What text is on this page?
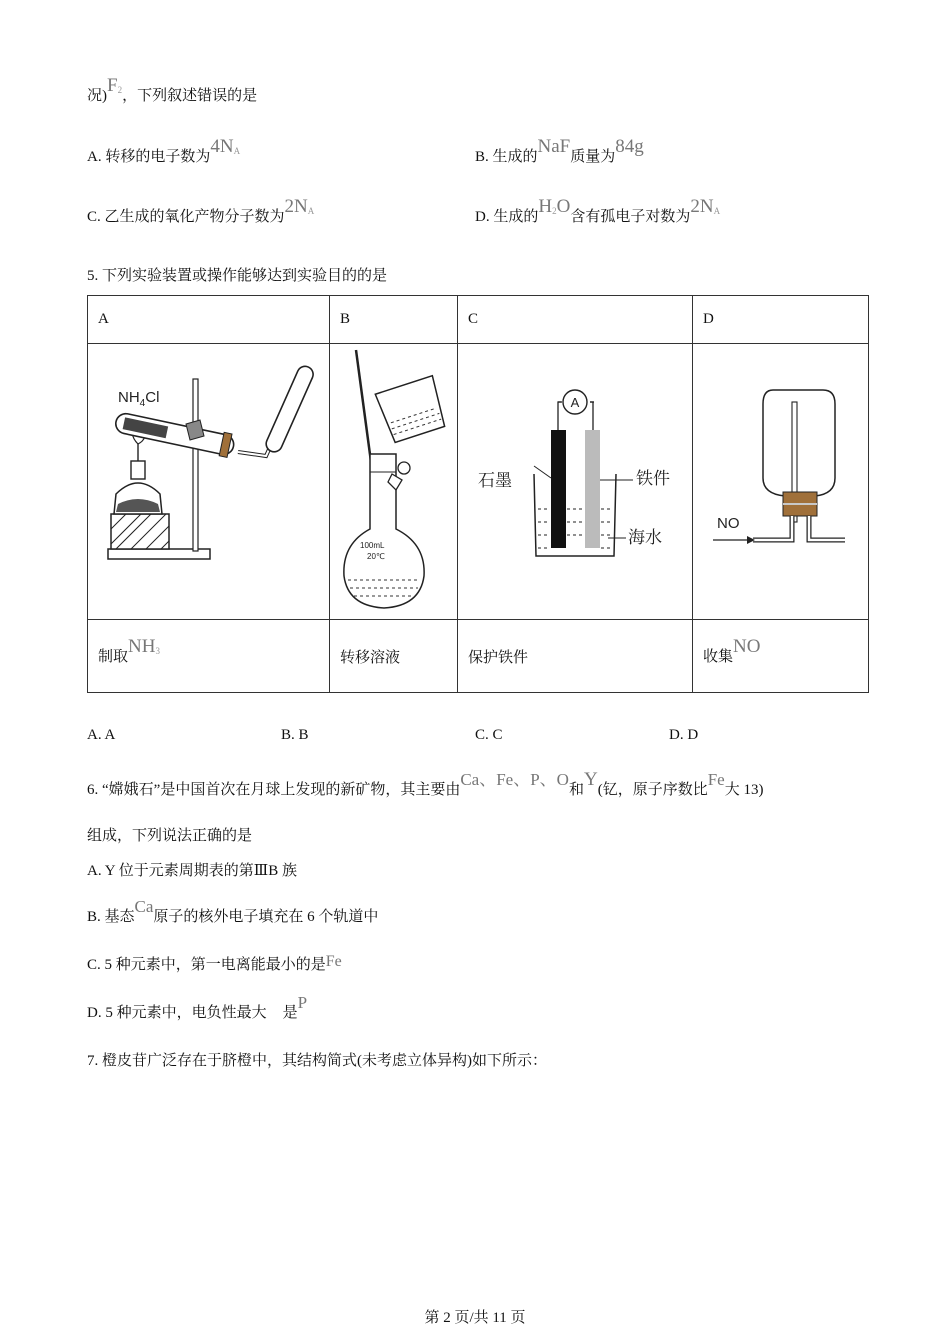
况)$F_2$，下列叙述错误的是
A. 转移的电子数为$4N_A$	B. 生成的NaF质量为84g
C. 乙生成的氧化产物分子数为$2N_A$	D. 生成的$H_2O$含有孤电子对数为$2N_A$
5. 下列实验装置或操作能够达到实验目的的是
A	B	C	D

$NH_4Cl$	100mL
20℃	A
石墨 铁件
海水	NO

制取$NH_3$	转移溶液	保护铁件	收集NO
A. A	B. B	C. C	D. D
6. “嫦娥石”是中国首次在月球上发现的新矿物，其主要由Ca、Fe、P、O和Y(钇，原子序数比Fe大 13)
组成，下列说法正确的是
A. Y 位于元素周期表的第ⅢB 族
B. 基态Ca原子的核外电子填充在 6 个轨道中
C. 5 种元素中，第一电离能最小的是Fe
D. 5 种元素中，电负性最大 是P
7. 橙皮苷广泛存在于脐橙中，其结构简式(未考虑立体异构)如下所示：
第 2 页/共 11 页
